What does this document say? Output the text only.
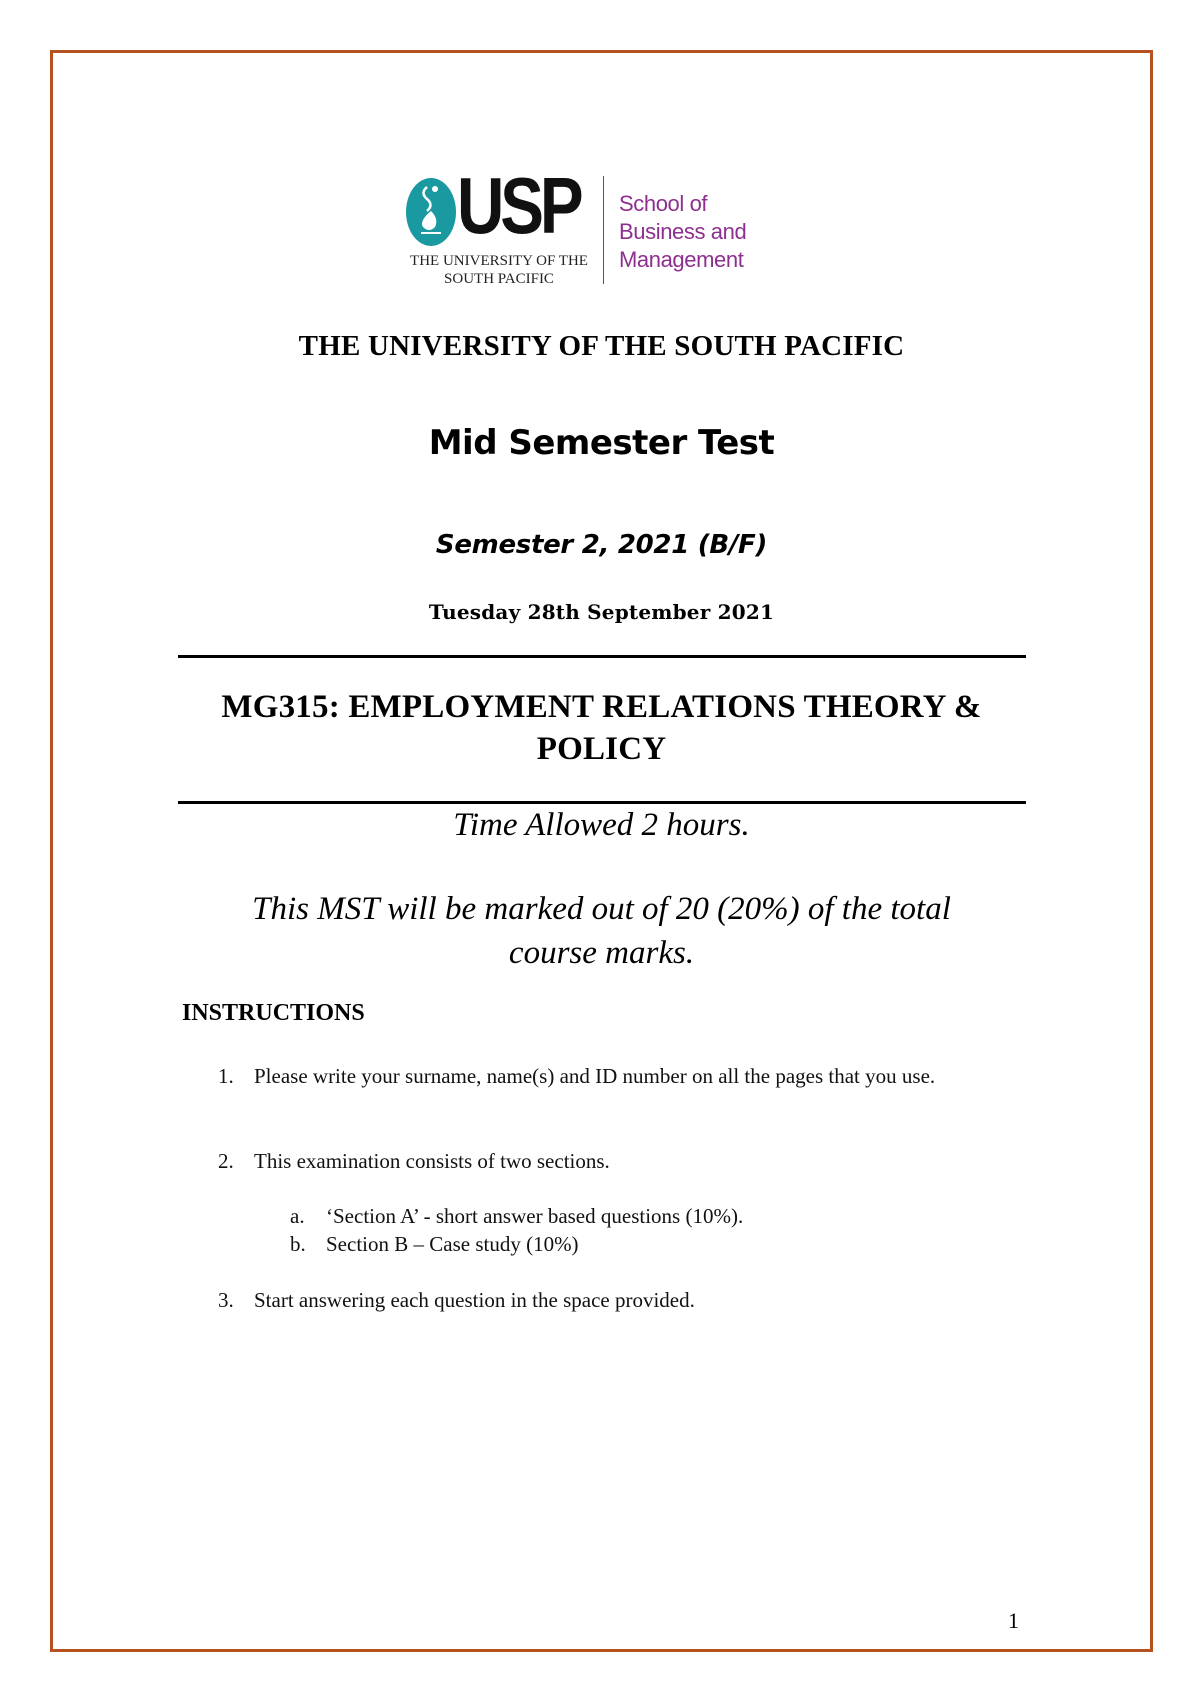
USP
THE UNIVERSITY OF THE
SOUTH PACIFIC
School of
Business and
Management
THE UNIVERSITY OF THE SOUTH PACIFIC
Mid Semester Test
Semester 2, 2021 (B/F)
Tuesday 28th September 2021
MG315: EMPLOYMENT RELATIONS THEORY &
POLICY
Time Allowed 2 hours.
This MST will be marked out of 20 (20%) of the total
course marks.
INSTRUCTIONS
1. Please write your surname, name(s) and ID number on all the pages that you use.
2. This examination consists of two sections.
a. ‘Section A’ - short answer based questions (10%).
b. Section B – Case study (10%)
3. Start answering each question in the space provided.
1
